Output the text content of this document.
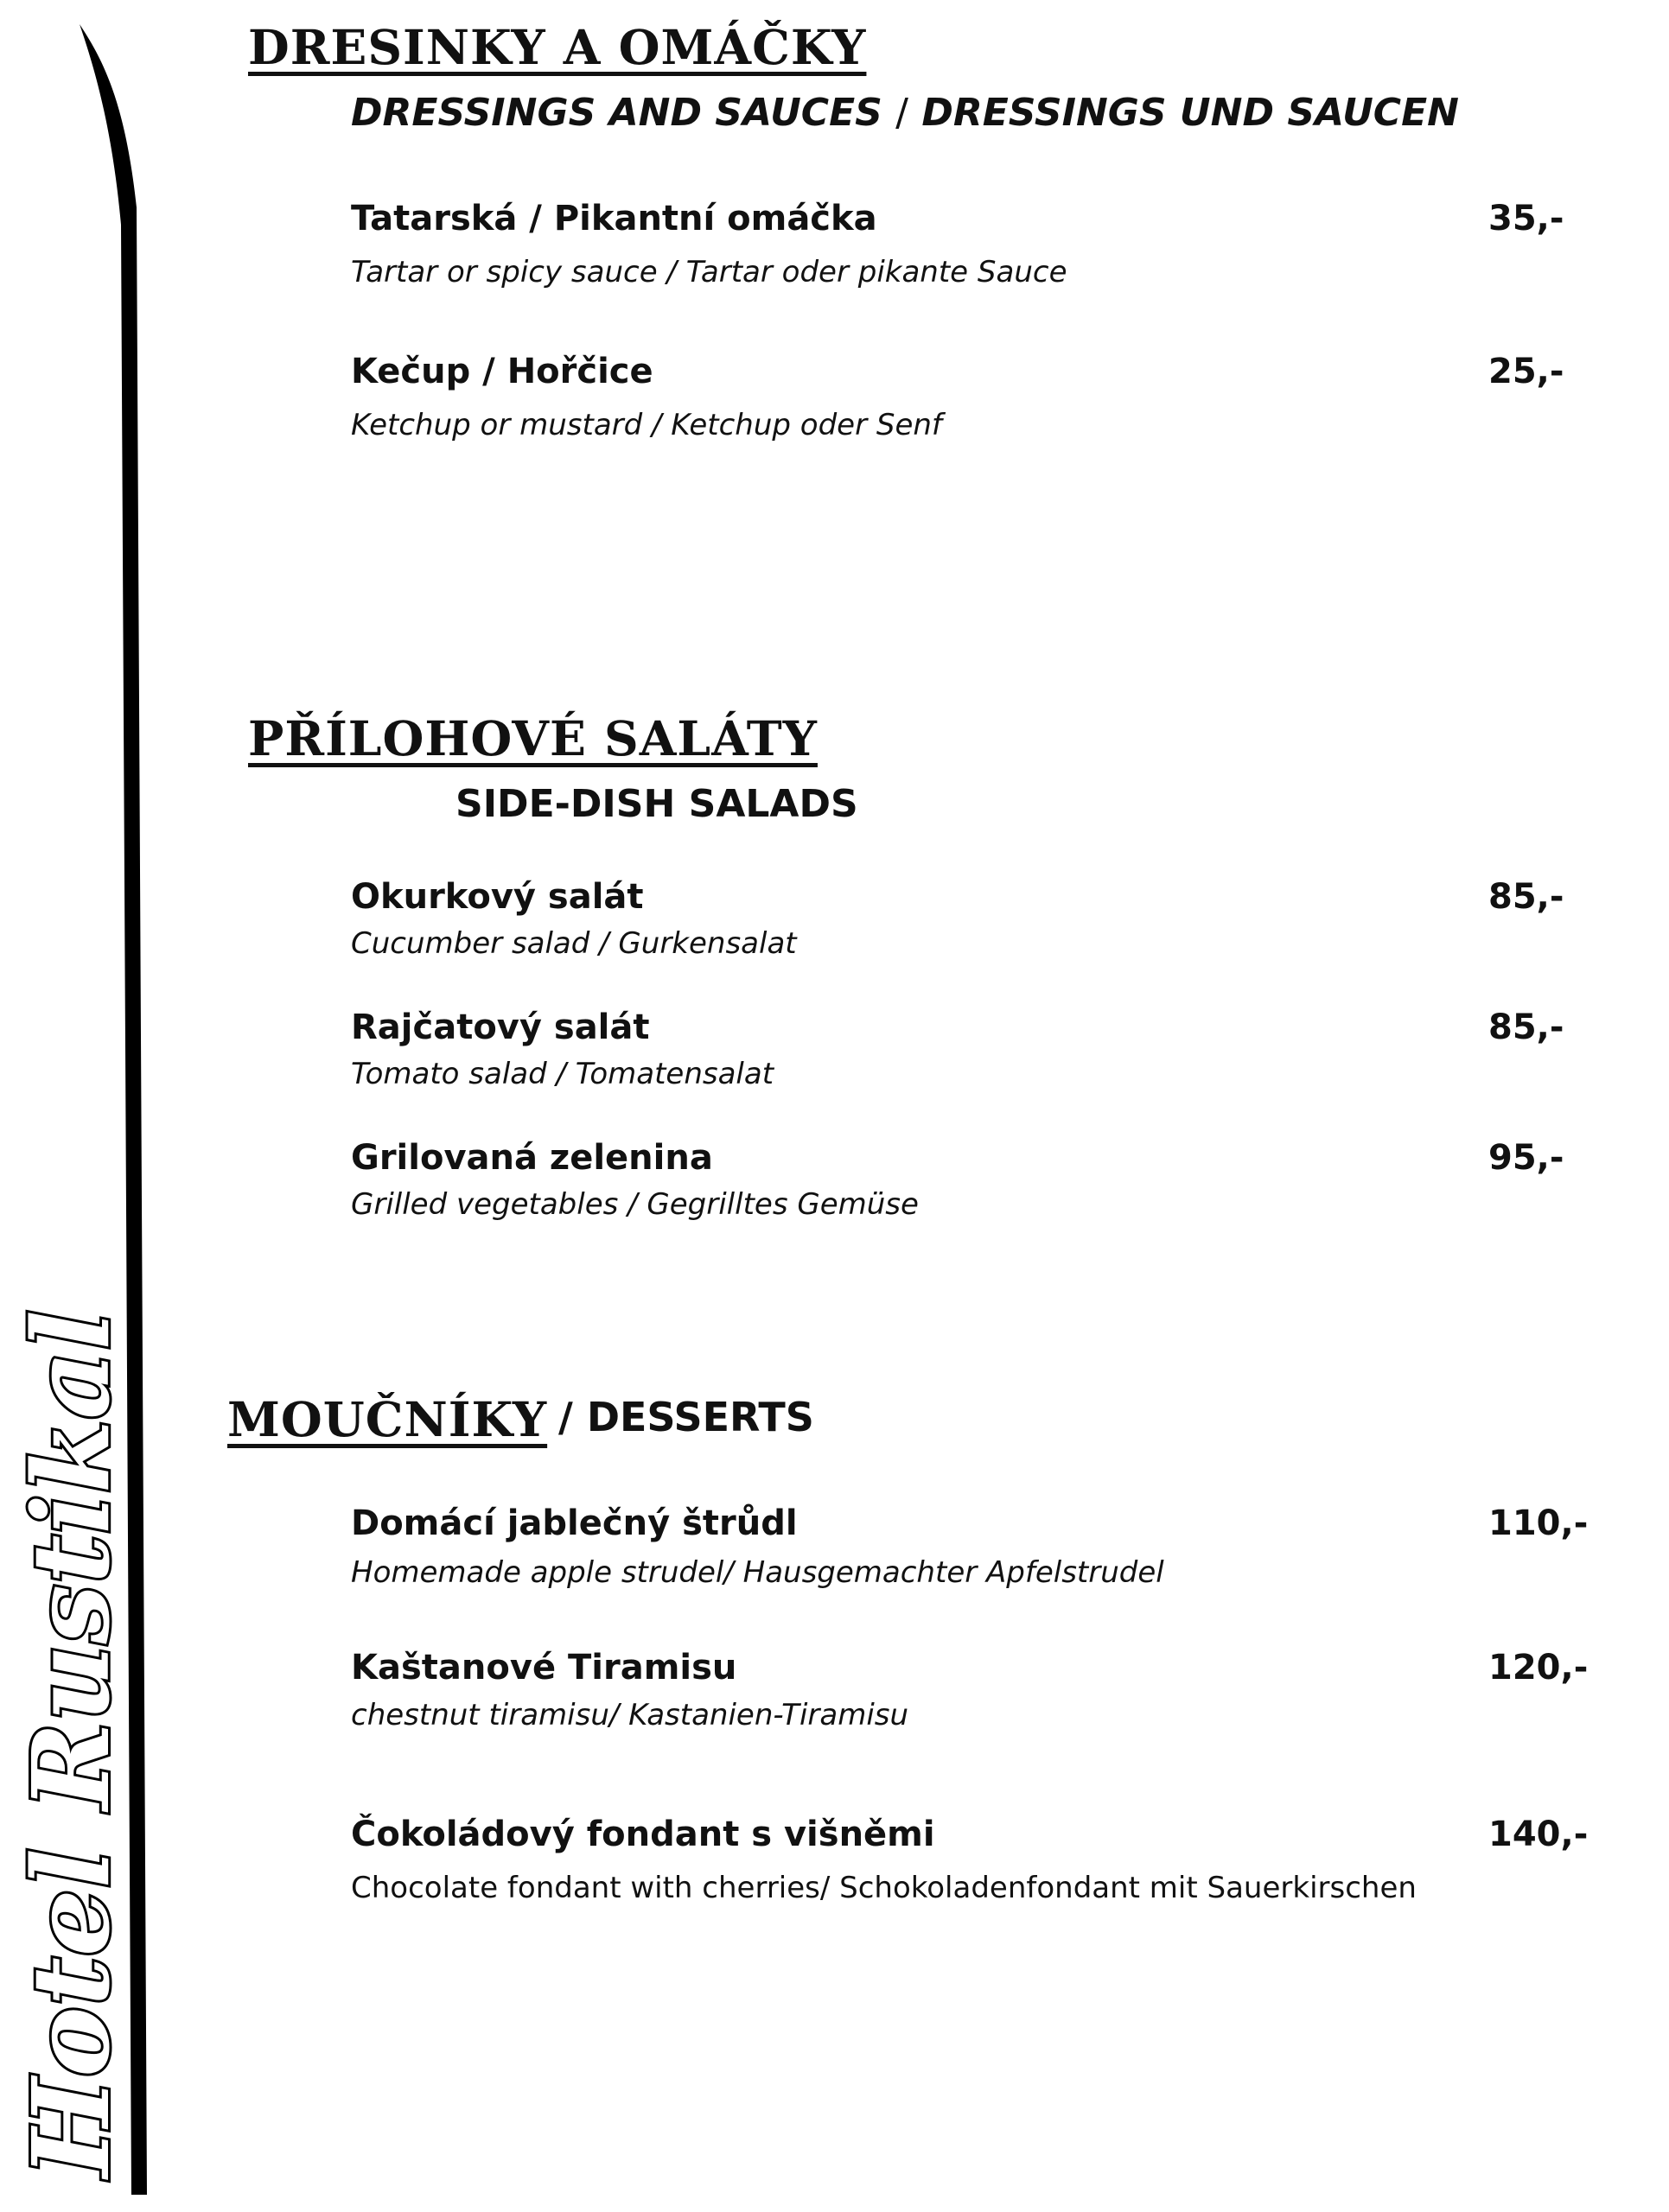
Hotel Rustikal
DRESINKY A OMÁČKY
DRESSINGS AND SAUCES / DRESSINGS UND SAUCEN
Tatarská / Pikantní omáčka	35,-
Tartar or spicy sauce / Tartar oder pikante Sauce
Kečup / Hořčice	25,-
Ketchup or mustard / Ketchup oder Senf
PŘÍLOHOVÉ SALÁTY
SIDE-DISH SALADS
Okurkový salát	85,-
Cucumber salad / Gurkensalat
Rajčatový salát	85,-
Tomato salad / Tomatensalat
Grilovaná zelenina	95,-
Grilled vegetables / Gegrilltes Gemüse
MOUČNÍKY / DESSERTS
Domácí jablečný štrůdl	110,-
Homemade apple strudel/ Hausgemachter Apfelstrudel
Kaštanové Tiramisu	120,-
chestnut tiramisu/ Kastanien-Tiramisu
Čokoládový fondant s višněmi	140,-
Chocolate fondant with cherries/ Schokoladenfondant mit Sauerkirschen
